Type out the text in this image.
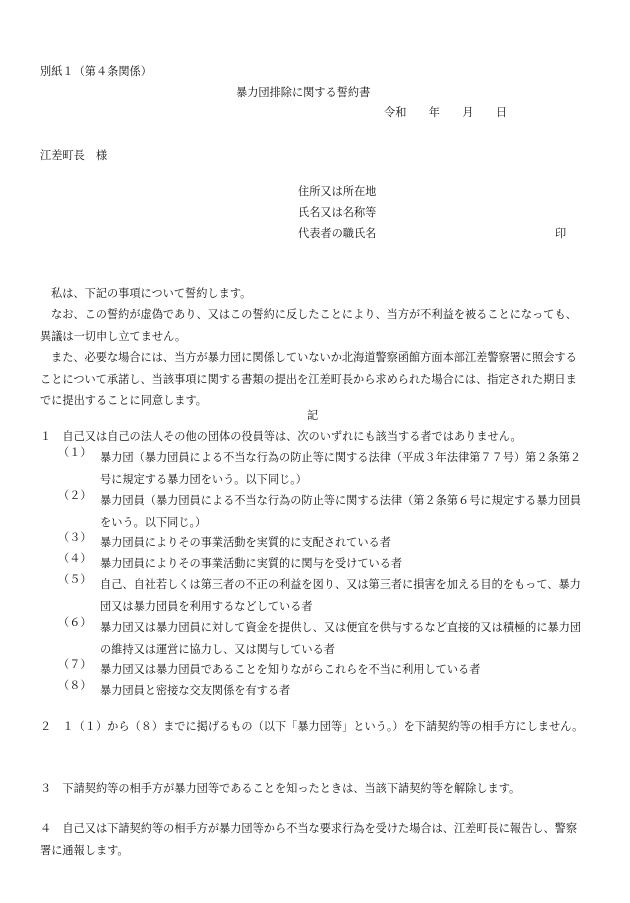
別紙１（第４条関係）
暴力団排除に関する誓約書
令和　　年　　月　　日
江差町長　様
住所又は所在地
氏名又は名称等
代表者の職氏名	印
私は、下記の事項について誓約します。
なお、この誓約が虚偽であり、又はこの誓約に反したことにより、当方が不利益を被ることになっても、異議は一切申し立てません。
また、必要な場合には、当方が暴力団に関係していないか北海道警察函館方面本部江差警察署に照会することについて承諾し、当該事項に関する書類の提出を江差町長から求められた場合には、指定された期日までに提出することに同意します。
記
１　自己又は自己の法人その他の団体の役員等は、次のいずれにも該当する者ではありません。
（１） 暴力団（暴力団員による不当な行為の防止等に関する法律（平成３年法律第７７号）第２条第２号に規定する暴力団をいう。以下同じ。）
（２） 暴力団員（暴力団員による不当な行為の防止等に関する法律（第２条第６号に規定する暴力団員をいう。以下同じ。）
（３） 暴力団員によりその事業活動を実質的に支配されている者
（４） 暴力団員によりその事業活動に実質的に関与を受けている者
（５） 自己、自社若しくは第三者の不正の利益を図り、又は第三者に損害を加える目的をもって、暴力団又は暴力団員を利用するなどしている者
（６） 暴力団又は暴力団員に対して資金を提供し、又は便宜を供与するなど直接的又は積極的に暴力団の維持又は運営に協力し、又は関与している者
（７） 暴力団又は暴力団員であることを知りながらこれらを不当に利用している者
（８） 暴力団員と密接な交友関係を有する者
２　１（１）から（８）までに掲げるもの（以下「暴力団等」という。）を下請契約等の相手方にしません。
３　下請契約等の相手方が暴力団等であることを知ったときは、当該下請契約等を解除します。
４　自己又は下請契約等の相手方が暴力団等から不当な要求行為を受けた場合は、江差町長に報告し、警察署に通報します。
